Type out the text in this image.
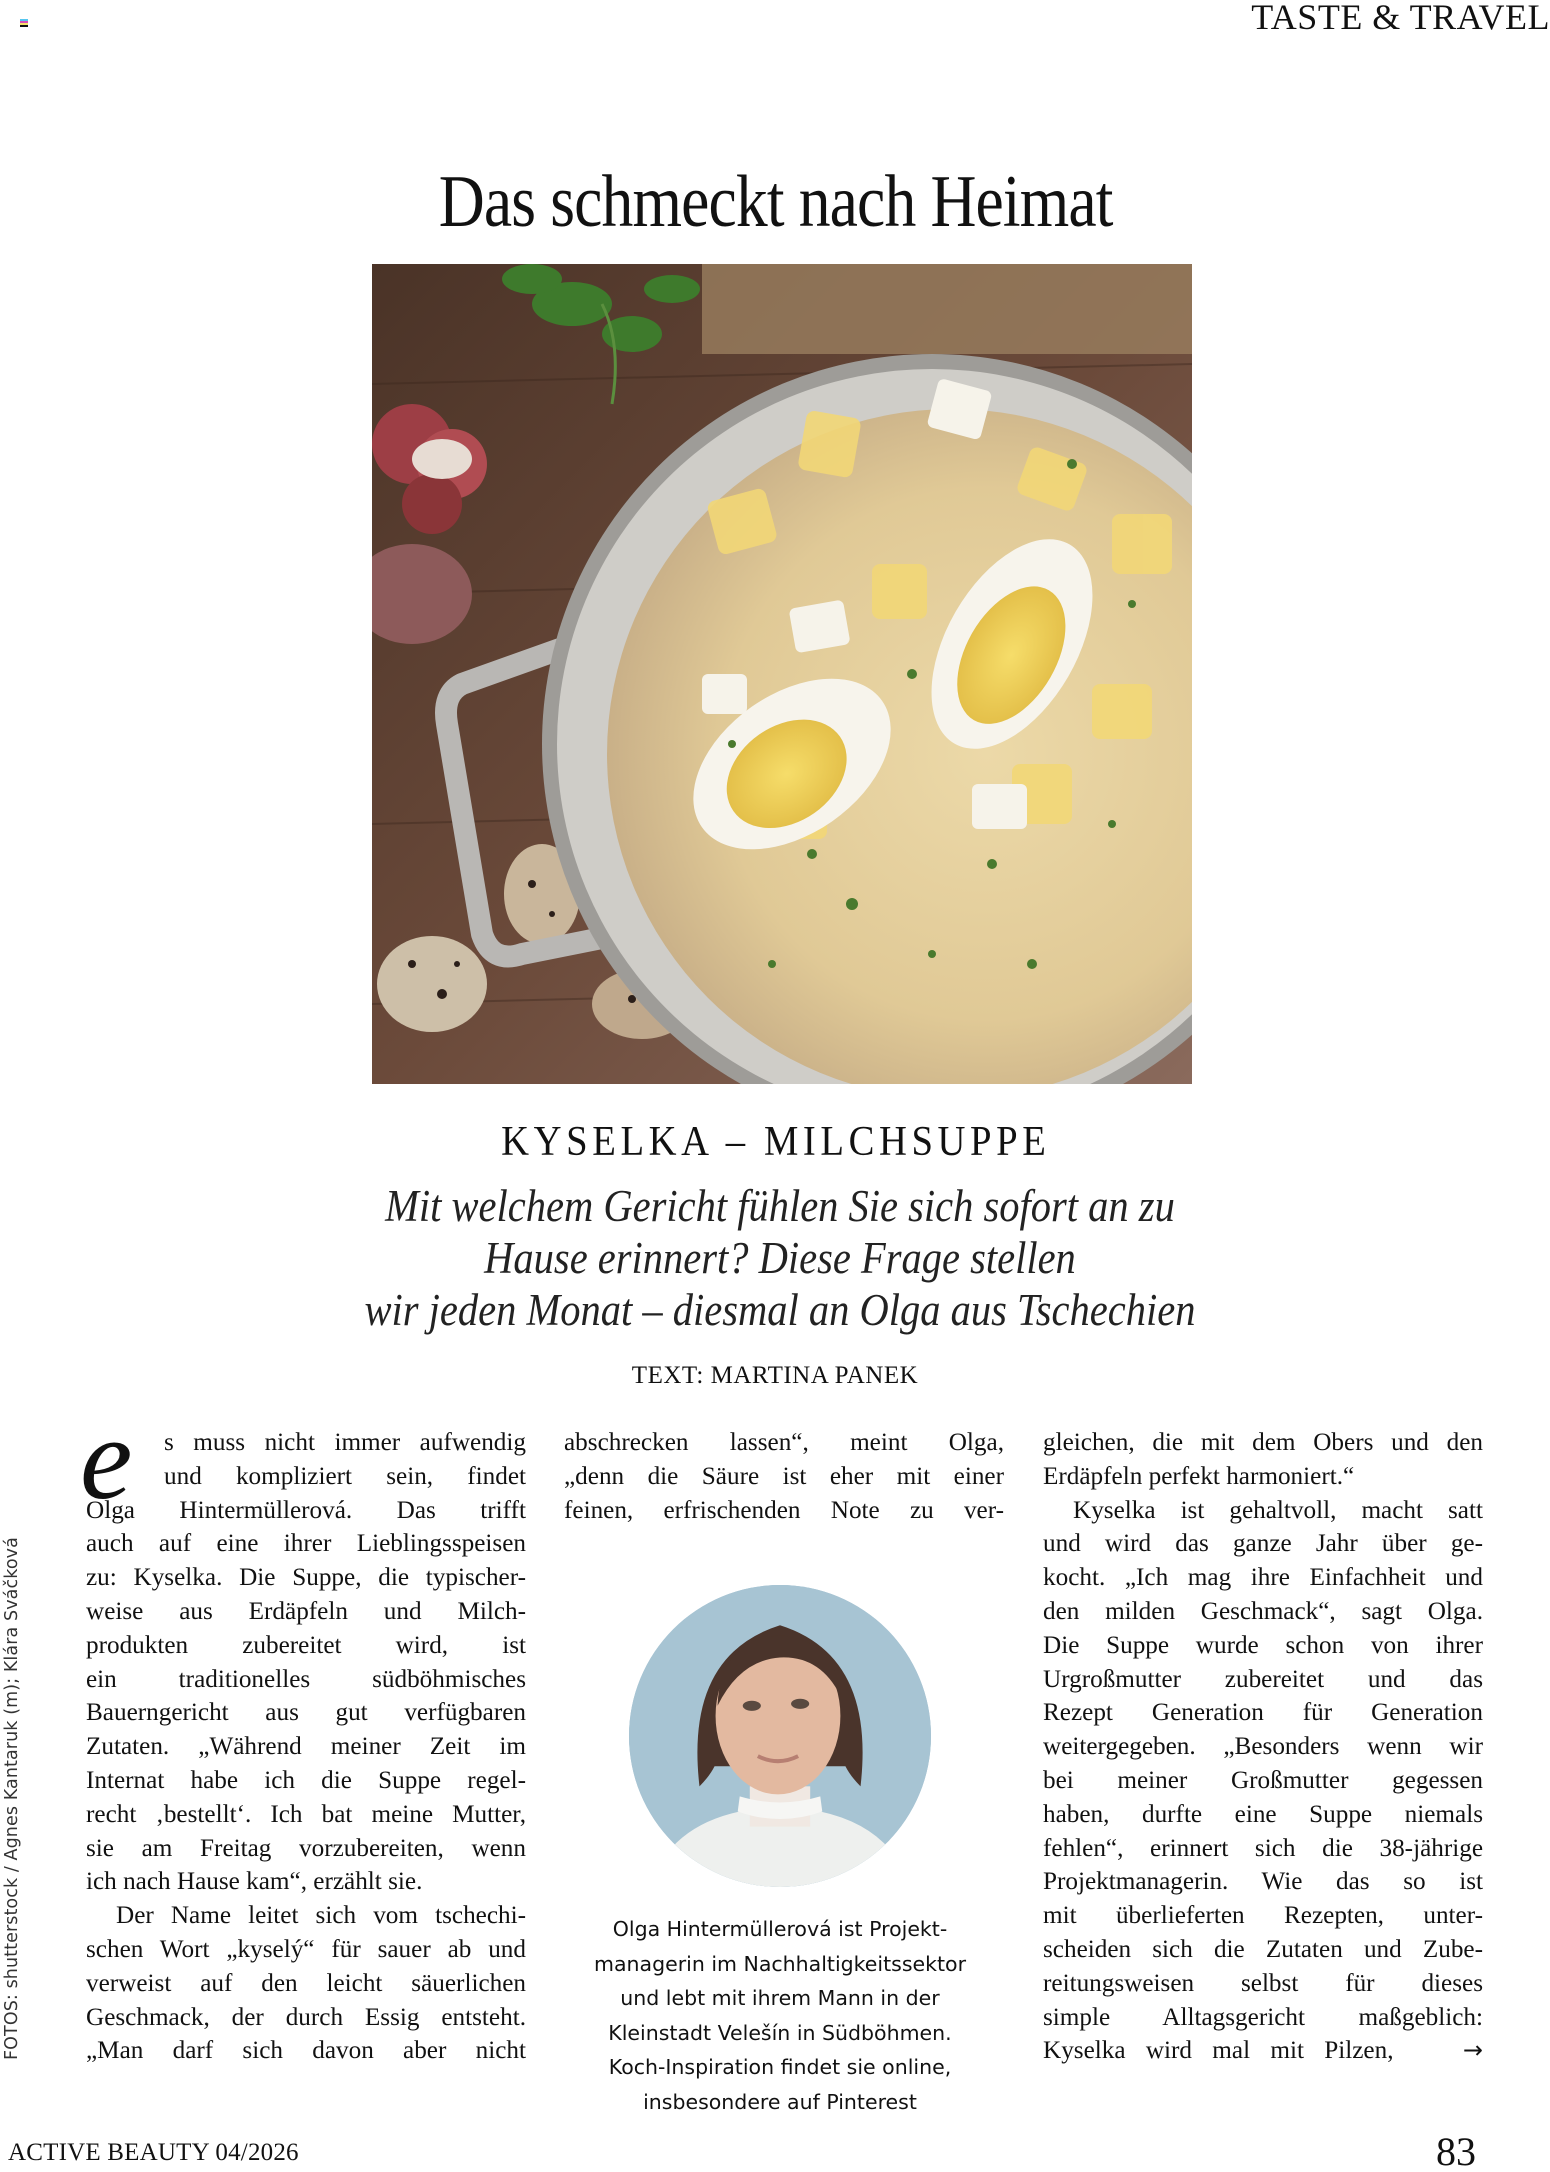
TASTE & TRAVEL
Das schmeckt nach Heimat
KYSELKA – MILCHSUPPE
Mit welchem Gericht fühlen Sie sich sofort an zu
Hause erinnert? Diese Frage stellen
wir jeden Monat – diesmal an Olga aus Tschechien
TEXT: MARTINA PANEK
FOTOS: shutterstock / Agnes Kantaruk (m); Klára Sváčková
e	s muss nicht immer aufwendig
und kompliziert sein, findet
Olga Hintermüllerová. Das trifft
auch auf eine ihrer Lieblingsspeisen
zu: Kyselka. Die Suppe, die typischer-
weise aus Erdäpfeln und Milch-
produkten zubereitet wird, ist
ein traditionelles südböhmisches
Bauerngericht aus gut verfügbaren
Zutaten. „Während meiner Zeit im
Internat habe ich die Suppe regel-
recht ‚bestellt‘. Ich bat meine Mutter,
sie am Freitag vorzubereiten, wenn
ich nach Hause kam“, erzählt sie.
Der Name leitet sich vom tschechi-
schen Wort „kyselý“ für sauer ab und
verweist auf den leicht säuerlichen
Geschmack, der durch Essig entsteht.
„Man darf sich davon aber nicht
abschrecken lassen“, meint Olga,
„denn die Säure ist eher mit einer
feinen, erfrischenden Note zu ver-
Olga Hintermüllerová ist Projekt-
managerin im Nachhaltigkeitssektor
und lebt mit ihrem Mann in der
Kleinstadt Velešín in Südböhmen.
Koch-Inspiration findet sie online,
insbesondere auf Pinterest
gleichen, die mit dem Obers und den
Erdäpfeln perfekt harmoniert.“
Kyselka ist gehaltvoll, macht satt
und wird das ganze Jahr über ge-
kocht. „Ich mag ihre Einfachheit und
den milden Geschmack“, sagt Olga.
Die Suppe wurde schon von ihrer
Urgroßmutter zubereitet und das
Rezept Generation für Generation
weitergegeben. „Besonders wenn wir
bei meiner Großmutter gegessen
haben, durfte eine Suppe niemals
fehlen“, erinnert sich die 38-jährige
Projektmanagerin. Wie das so ist
mit überlieferten Rezepten, unter-
scheiden sich die Zutaten und Zube-
reitungsweisen selbst für dieses
simple Alltagsgericht maßgeblich:
Kyselka wird mal mit Pilzen,	→
ACTIVE BEAUTY 04/2026	83
